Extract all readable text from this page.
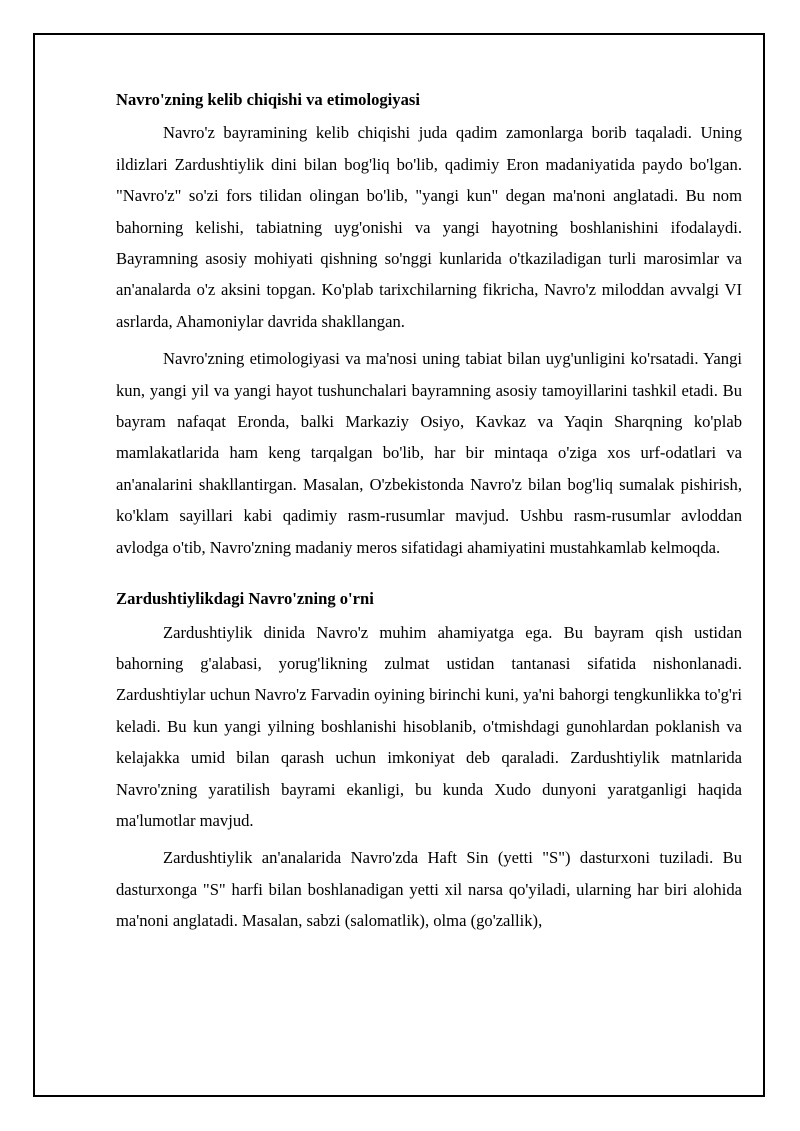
Navro'zning kelib chiqishi va etimologiyasi

Navro'z bayramining kelib chiqishi juda qadim zamonlarga borib taqaladi. Uning ildizlari Zardushtiylik dini bilan bog'liq bo'lib, qadimiy Eron madaniyatida paydo bo'lgan. "Navro'z" so'zi fors tilidan olingan bo'lib, "yangi kun" degan ma'noni anglatadi. Bu nom bahorning kelishi, tabiatning uyg'onishi va yangi hayotning boshlanishini ifodalaydi. Bayramning asosiy mohiyati qishning so'nggi kunlarida o'tkaziladigan turli marosimlar va an'analarda o'z aksini topgan. Ko'plab tarixchilarning fikricha, Navro'z miloddan avvalgi VI asrlarda, Ahamoniylar davrida shakllangan.

Navro'zning etimologiyasi va ma'nosi uning tabiat bilan uyg'unligini ko'rsatadi. Yangi kun, yangi yil va yangi hayot tushunchalari bayramning asosiy tamoyillarini tashkil etadi. Bu bayram nafaqat Eronda, balki Markaziy Osiyo, Kavkaz va Yaqin Sharqning ko'plab mamlakatlarida ham keng tarqalgan bo'lib, har bir mintaqa o'ziga xos urf-odatlari va an'analarini shakllantirgan. Masalan, O'zbekistonda Navro'z bilan bog'liq sumalak pishirish, ko'klam sayillari kabi qadimiy rasm-rusumlar mavjud. Ushbu rasm-rusumlar avloddan avlodga o'tib, Navro'zning madaniy meros sifatidagi ahamiyatini mustahkamlab kelmoqda.

Zardushtiylikdagi Navro'zning o'rni

Zardushtiylik dinida Navro'z muhim ahamiyatga ega. Bu bayram qish ustidan bahorning g'alabasi, yorug'likning zulmat ustidan tantanasi sifatida nishonlanadi. Zardushtiylar uchun Navro'z Farvadin oyining birinchi kuni, ya'ni bahorgi tengkunlikka to'g'ri keladi. Bu kun yangi yilning boshlanishi hisoblanib, o'tmishdagi gunohlardan poklanish va kelajakka umid bilan qarash uchun imkoniyat deb qaraladi. Zardushtiylik matnlarida Navro'zning yaratilish bayrami ekanligi, bu kunda Xudo dunyoni yaratganligi haqida ma'lumotlar mavjud.

Zardushtiylik an'analarida Navro'zda Haft Sin (yetti "S") dasturxoni tuziladi. Bu dasturxonga "S" harfi bilan boshlanadigan yetti xil narsa qo'yiladi, ularning har biri alohida ma'noni anglatadi. Masalan, sabzi (salomatlik), olma (go'zallik),
